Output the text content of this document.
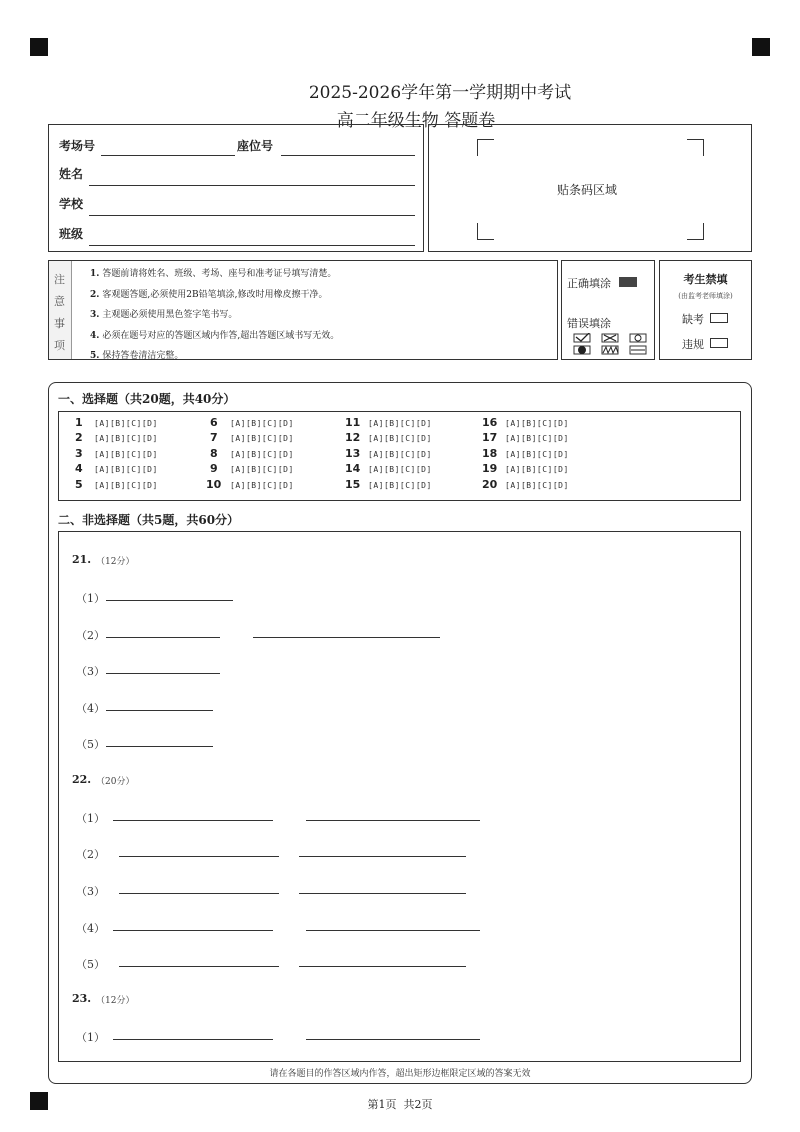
2025-2026学年第一学期期中考试
高二年级生物 答题卷
考场号	座位号
姓名
学校
班级
贴条码区域
注
意
事
项
1. 答题前请将姓名、班级、考场、座号和准考证号填写清楚。
2. 客观题答题,必须使用2B铅笔填涂,修改时用橡皮擦干净。
3. 主观题必须使用黑色签字笔书写。
4. 必须在题号对应的答题区域内作答,超出答题区域书写无效。
5. 保持答卷清洁完整。
正确填涂
错误填涂
考生禁填
(由监考老师填涂)
缺考
违规
一、选择题（共20题，共40分）
1 [A][B][C][D]
2 [A][B][C][D]
3 [A][B][C][D]
4 [A][B][C][D]
5 [A][B][C][D]
6 [A][B][C][D]
7 [A][B][C][D]
8 [A][B][C][D]
9 [A][B][C][D]
10 [A][B][C][D]
11 [A][B][C][D]
12 [A][B][C][D]
13 [A][B][C][D]
14 [A][B][C][D]
15 [A][B][C][D]
16 [A][B][C][D]
17 [A][B][C][D]
18 [A][B][C][D]
19 [A][B][C][D]
20 [A][B][C][D]
二、非选择题（共5题，共60分）
21. （12分）
（1）
（2）
（3）
（4）
（5）
22. （20分）
（1）
（2）
（3）
（4）
（5）
23. （12分）
（1）
请在各题目的作答区域内作答，超出矩形边框限定区域的答案无效
第1页  共2页
